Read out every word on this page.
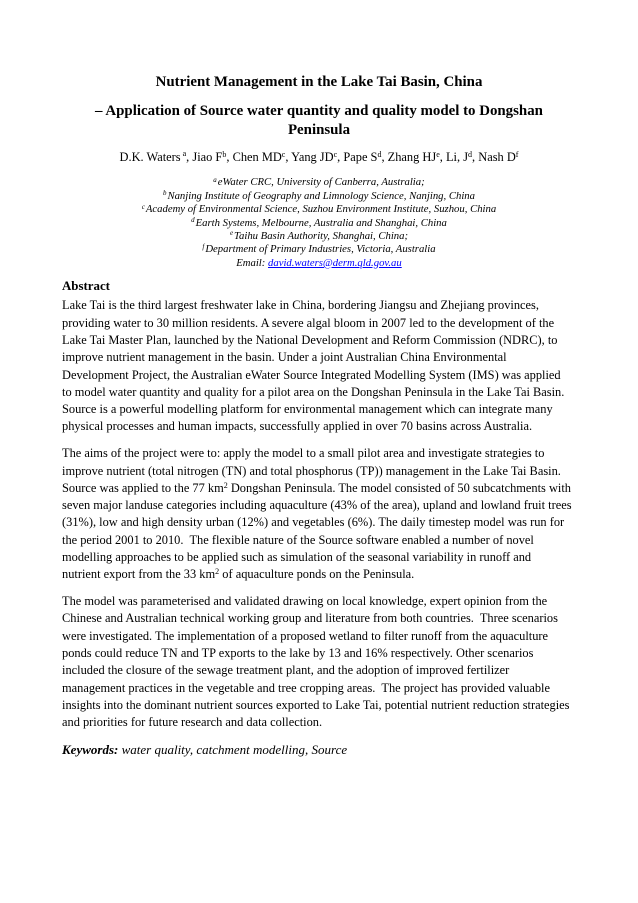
Nutrient Management in the Lake Tai Basin, China
– Application of Source water quantity and quality model to Dongshan
Peninsula
D.K. Waters $^a$, Jiao $F^b$, Chen $MD^c$, Yang $JD^c$, Pape $S^d$, Zhang $HJ^e$, Li, $J^d$, Nash $D^f$
$^a$eWater CRC, University of Canberra, Australia;
$^b$Nanjing Institute of Geography and Limnology Science, Nanjing, China
$^c$Academy of Environmental Science, Suzhou Environment Institute, Suzhou, China
$^d$Earth Systems, Melbourne, Australia and Shanghai, China
$^e$Taihu Basin Authority, Shanghai, China;
$^f$Department of Primary Industries, Victoria, Australia
Email: david.waters@derm.qld.gov.au
Abstract
Lake Tai is the third largest freshwater lake in China, bordering Jiangsu and Zhejiang provinces,
providing water to 30 million residents. A severe algal bloom in 2007 led to the development of the
Lake Tai Master Plan, launched by the National Development and Reform Commission (NDRC), to
improve nutrient management in the basin. Under a joint Australian China Environmental
Development Project, the Australian eWater Source Integrated Modelling System (IMS) was applied
to model water quantity and quality for a pilot area on the Dongshan Peninsula in the Lake Tai Basin.
Source is a powerful modelling platform for environmental management which can integrate many
physical processes and human impacts, successfully applied in over 70 basins across Australia.
The aims of the project were to: apply the model to a small pilot area and investigate strategies to
improve nutrient (total nitrogen (TN) and total phosphorus (TP)) management in the Lake Tai Basin.
Source was applied to the 77 $km^2$ Dongshan Peninsula. The model consisted of 50 subcatchments with
seven major landuse categories including aquaculture (43% of the area), upland and lowland fruit trees
(31%), low and high density urban (12%) and vegetables (6%). The daily timestep model was run for
the period 2001 to 2010.  The flexible nature of the Source software enabled a number of novel
modelling approaches to be applied such as simulation of the seasonal variability in runoff and
nutrient export from the 33 $km^2$ of aquaculture ponds on the Peninsula.
The model was parameterised and validated drawing on local knowledge, expert opinion from the
Chinese and Australian technical working group and literature from both countries.  Three scenarios
were investigated. The implementation of a proposed wetland to filter runoff from the aquaculture
ponds could reduce TN and TP exports to the lake by 13 and 16% respectively. Other scenarios
included the closure of the sewage treatment plant, and the adoption of improved fertilizer
management practices in the vegetable and tree cropping areas.  The project has provided valuable
insights into the dominant nutrient sources exported to Lake Tai, potential nutrient reduction strategies
and priorities for future research and data collection.
Keywords: water quality, catchment modelling, Source
